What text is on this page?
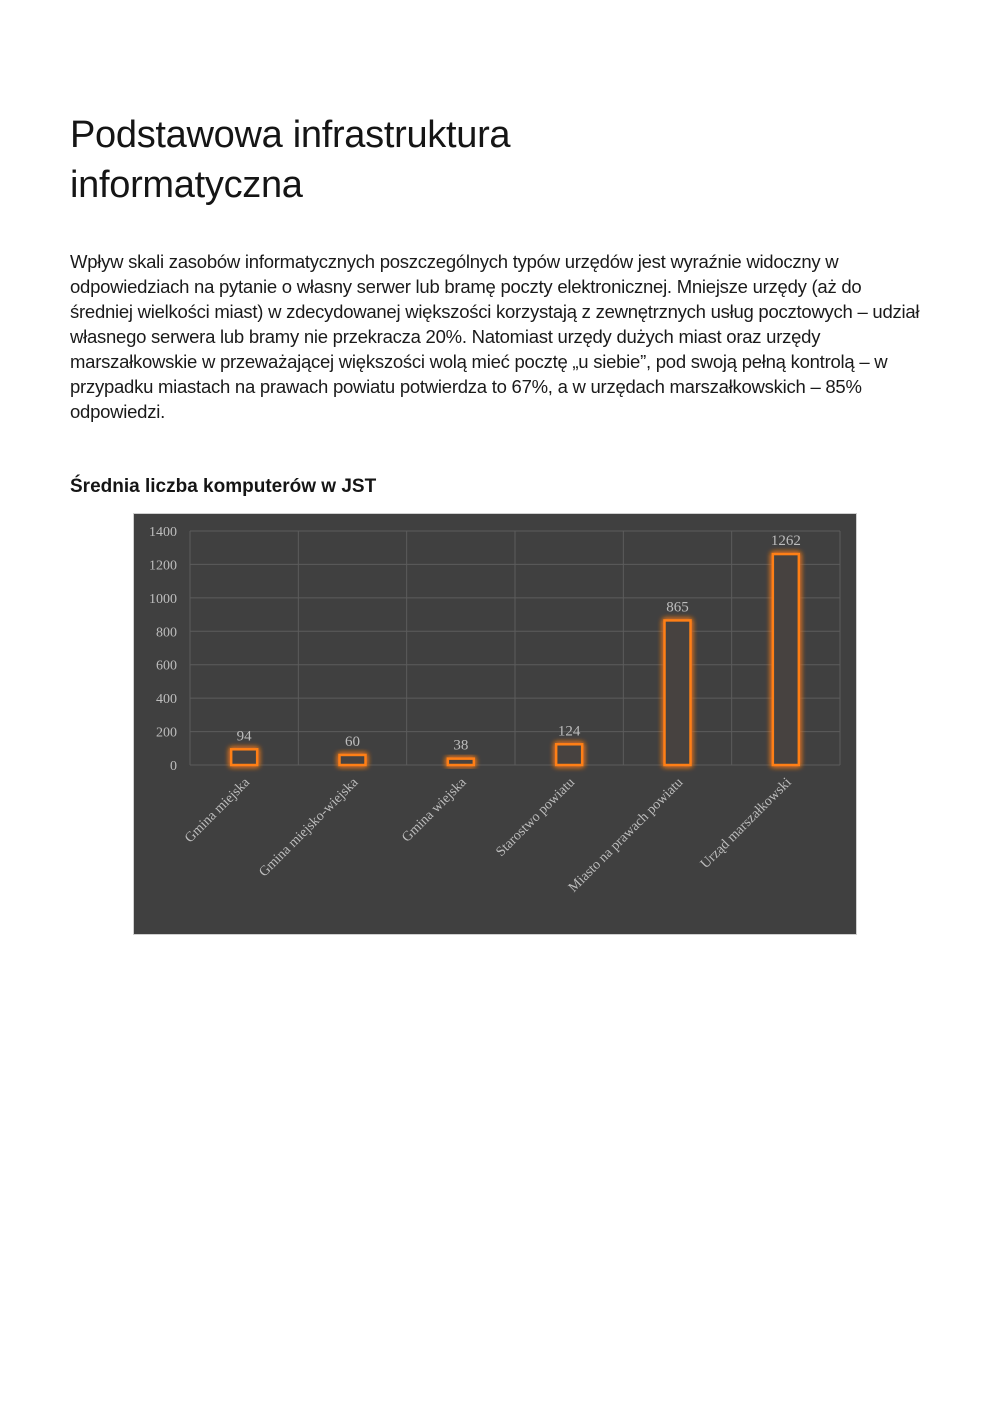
Podstawowa infrastruktura
informatyczna

Wpływ skali zasobów informatycznych poszczególnych typów urzędów jest wyraźnie widoczny w odpowiedziach na pytanie o własny serwer lub bramę poczty elektronicznej. Mniejsze urzędy (aż do średniej wielkości miast) w zdecydowanej większości korzystają z zewnętrznych usług pocztowych – udział własnego serwera lub bramy nie przekracza 20%. Natomiast urzędy dużych miast oraz urzędy marszałkowskie w przeważającej większości wolą mieć pocztę „u siebie”, pod swoją pełną kontrolą – w przypadku miastach na prawach powiatu potwierdza to 67%, a w urzędach marszałkowskich – 85% odpowiedzi.

Średnia liczba komputerów w JST
0
200
400
600
800
1000
1200
1400
94	60	38
124
865
1262
Gmina miejska Gmina miejsko-wiejska	Gmina wiejska Starostwo powiatu
Miasto na prawach powiatu Urząd marszałkowski
